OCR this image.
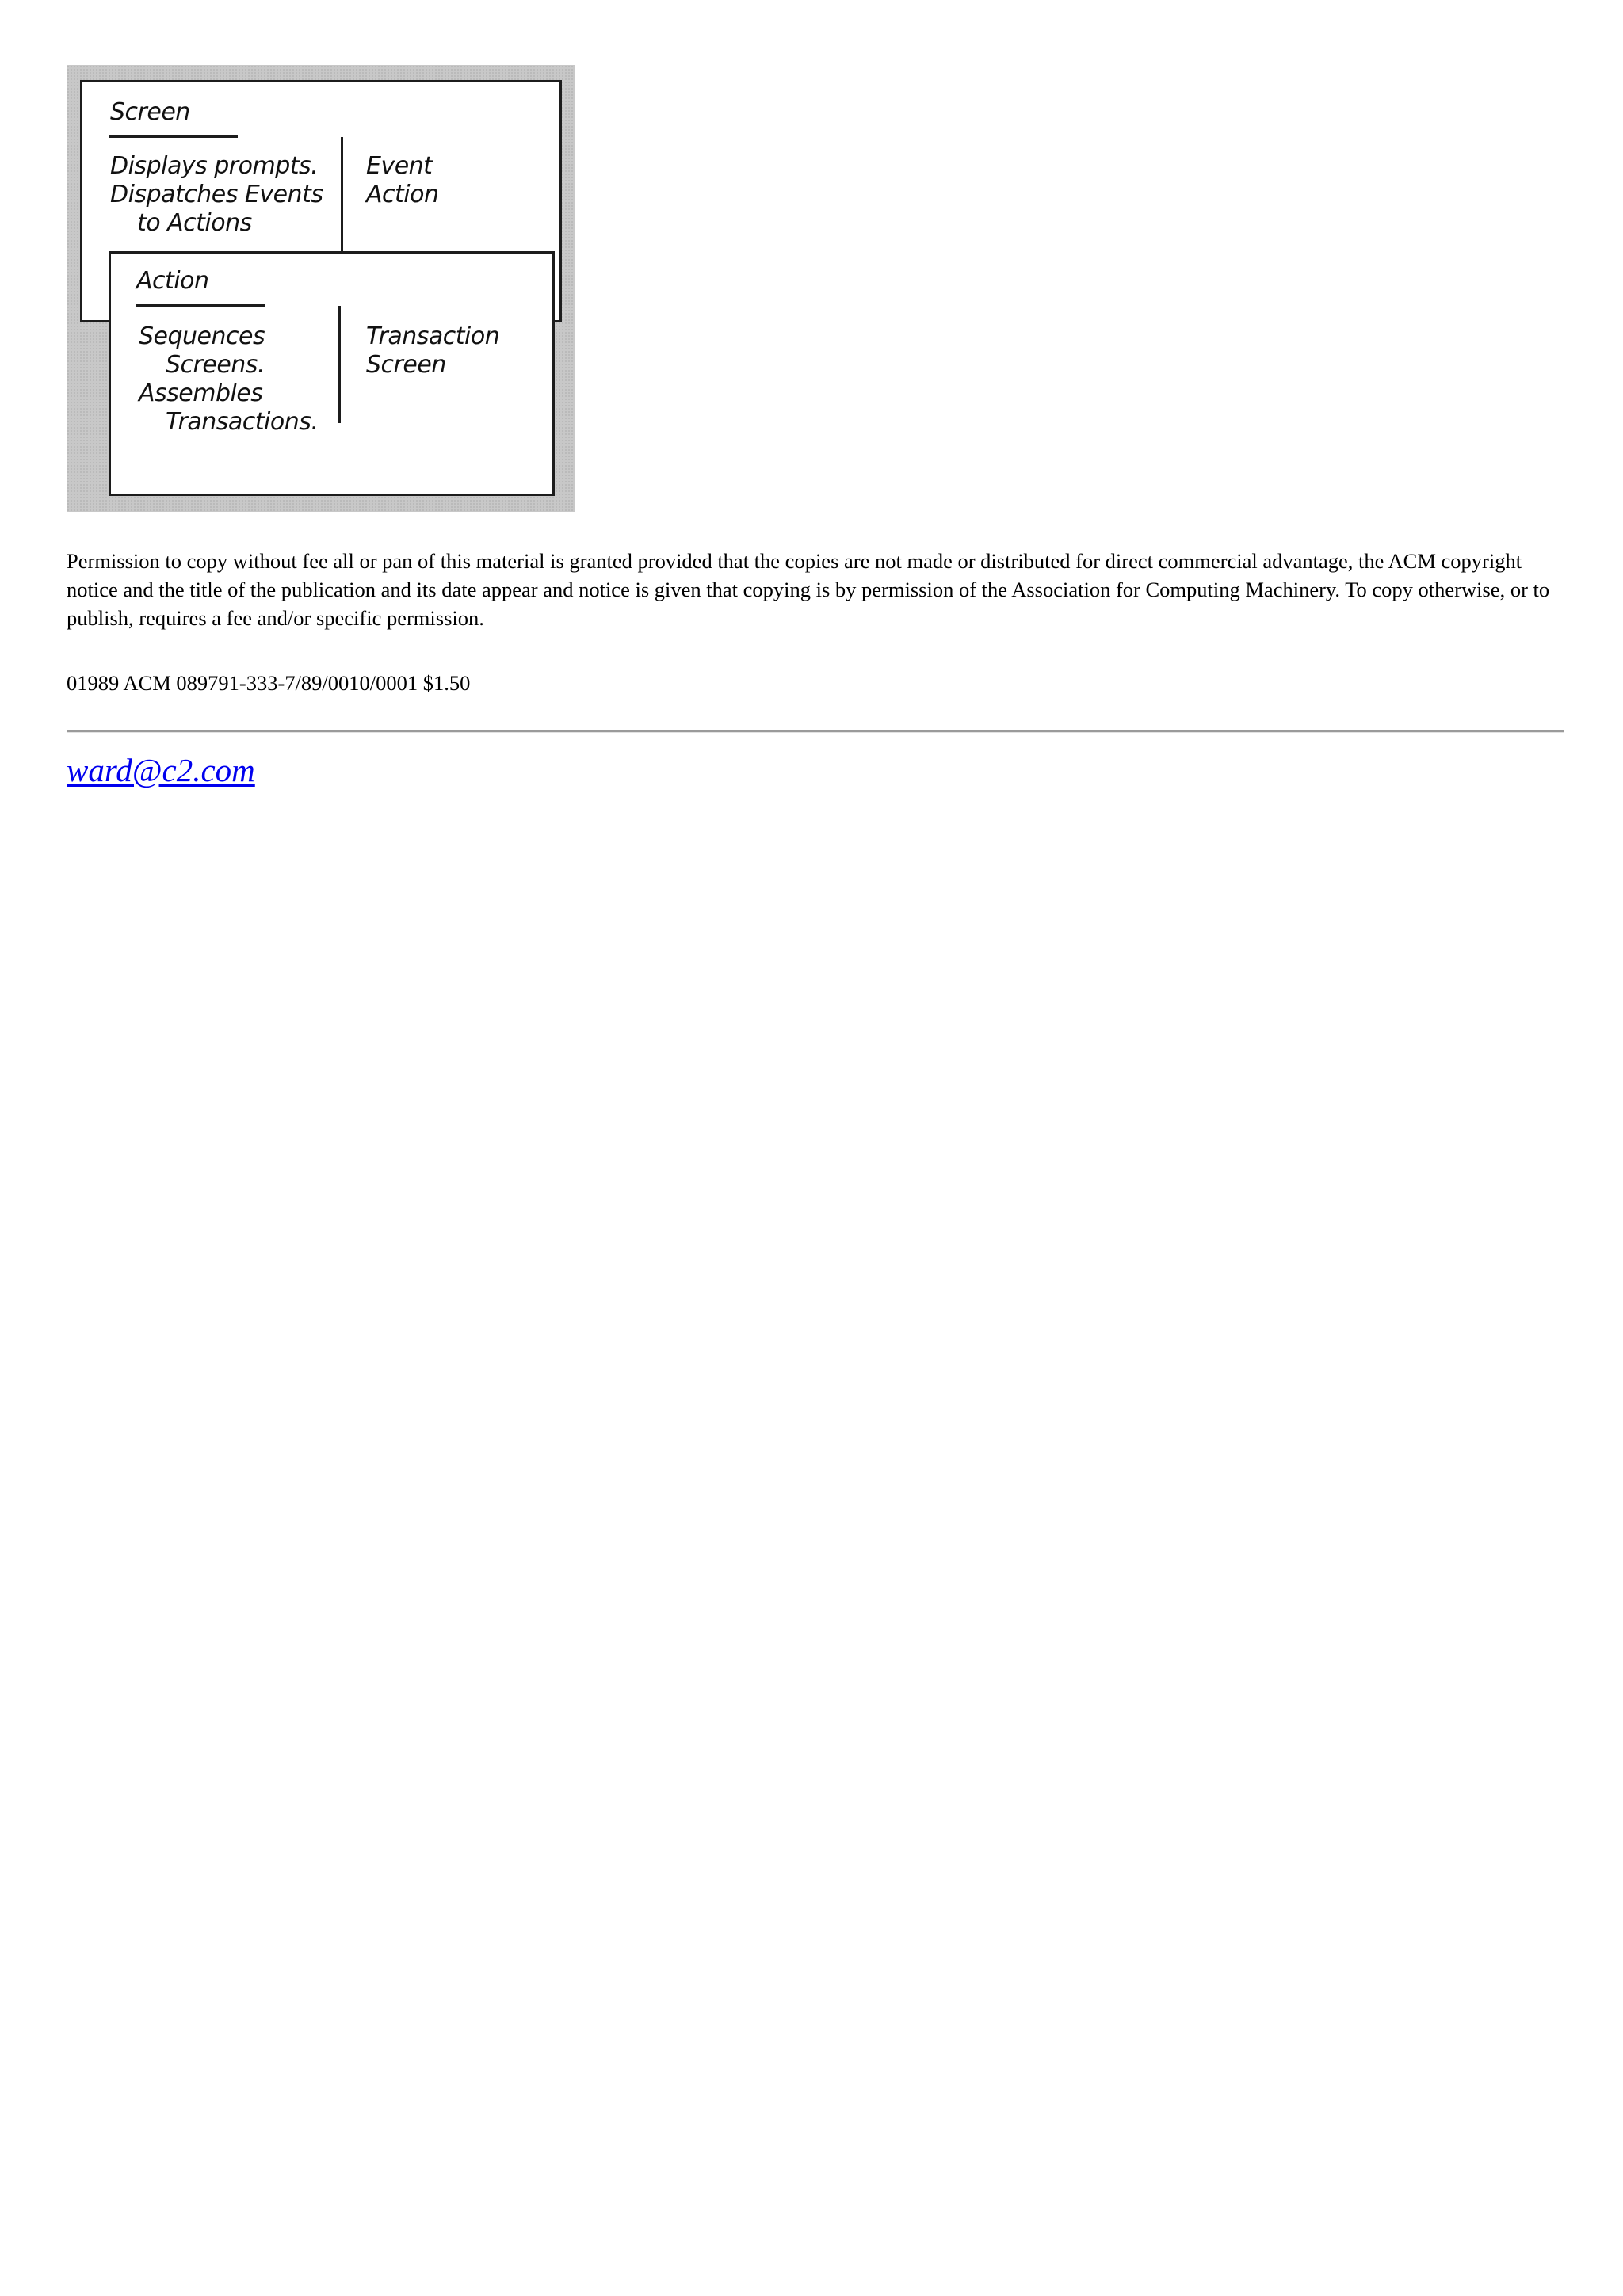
Screen
Displays prompts.
Dispatches Events
to Actions
Event
Action
Action
Sequences
Screens.
Assembles
Transactions.
Transaction
Screen

Permission to copy without fee all or pan of this material is granted provided that the copies are not made or distributed for direct commercial advantage, the ACM copyright notice and the title of the publication and its date appear and notice is given that copying is by permission of the Association for Computing Machinery. To copy otherwise, or to publish, requires a fee and/or specific permission.

01989 ACM 089791-333-7/89/0010/0001 $1.50

ward@c2.com
